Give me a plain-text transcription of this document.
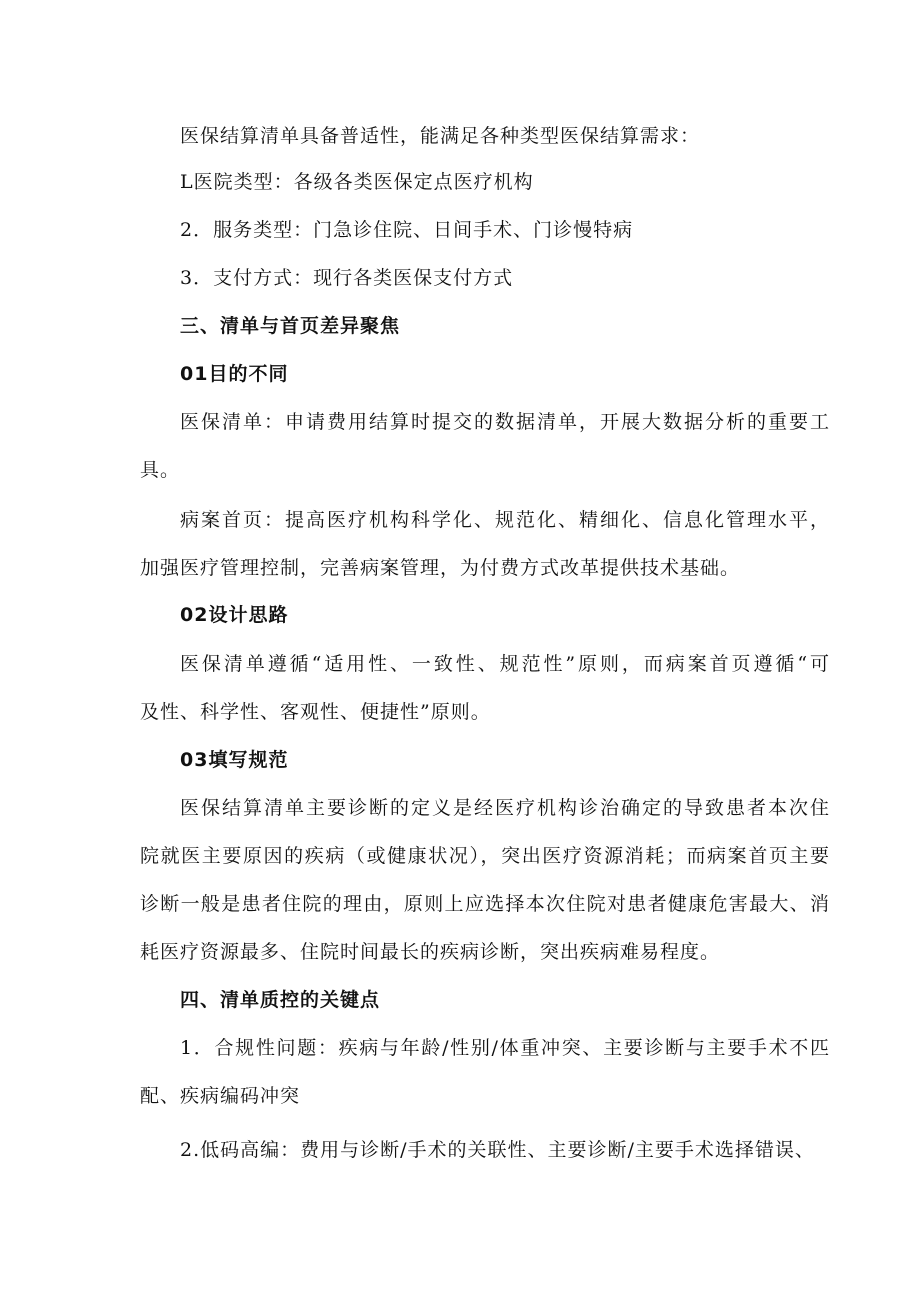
医保结算清单具备普适性，能满足各种类型医保结算需求：
L医院类型：各级各类医保定点医疗机构
2．服务类型：门急诊住院、日间手术、门诊慢特病
3．支付方式：现行各类医保支付方式
三、清单与首页差异聚焦
01目的不同
医保清单：申请费用结算时提交的数据清单，开展大数据分析的重要工
具。
病案首页：提高医疗机构科学化、规范化、精细化、信息化管理水平，
加强医疗管理控制，完善病案管理，为付费方式改革提供技术基础。
02设计思路
医保清单遵循“适用性、一致性、规范性”原则，而病案首页遵循“可
及性、科学性、客观性、便捷性”原则。
03填写规范
医保结算清单主要诊断的定义是经医疗机构诊治确定的导致患者本次住
院就医主要原因的疾病（或健康状况），突出医疗资源消耗；而病案首页主要
诊断一般是患者住院的理由，原则上应选择本次住院对患者健康危害最大、消
耗医疗资源最多、住院时间最长的疾病诊断，突出疾病难易程度。
四、清单质控的关键点
1．合规性问题：疾病与年龄/性别/体重冲突、主要诊断与主要手术不匹
配、疾病编码冲突
2.低码高编：费用与诊断/手术的关联性、主要诊断/主要手术选择错误、
